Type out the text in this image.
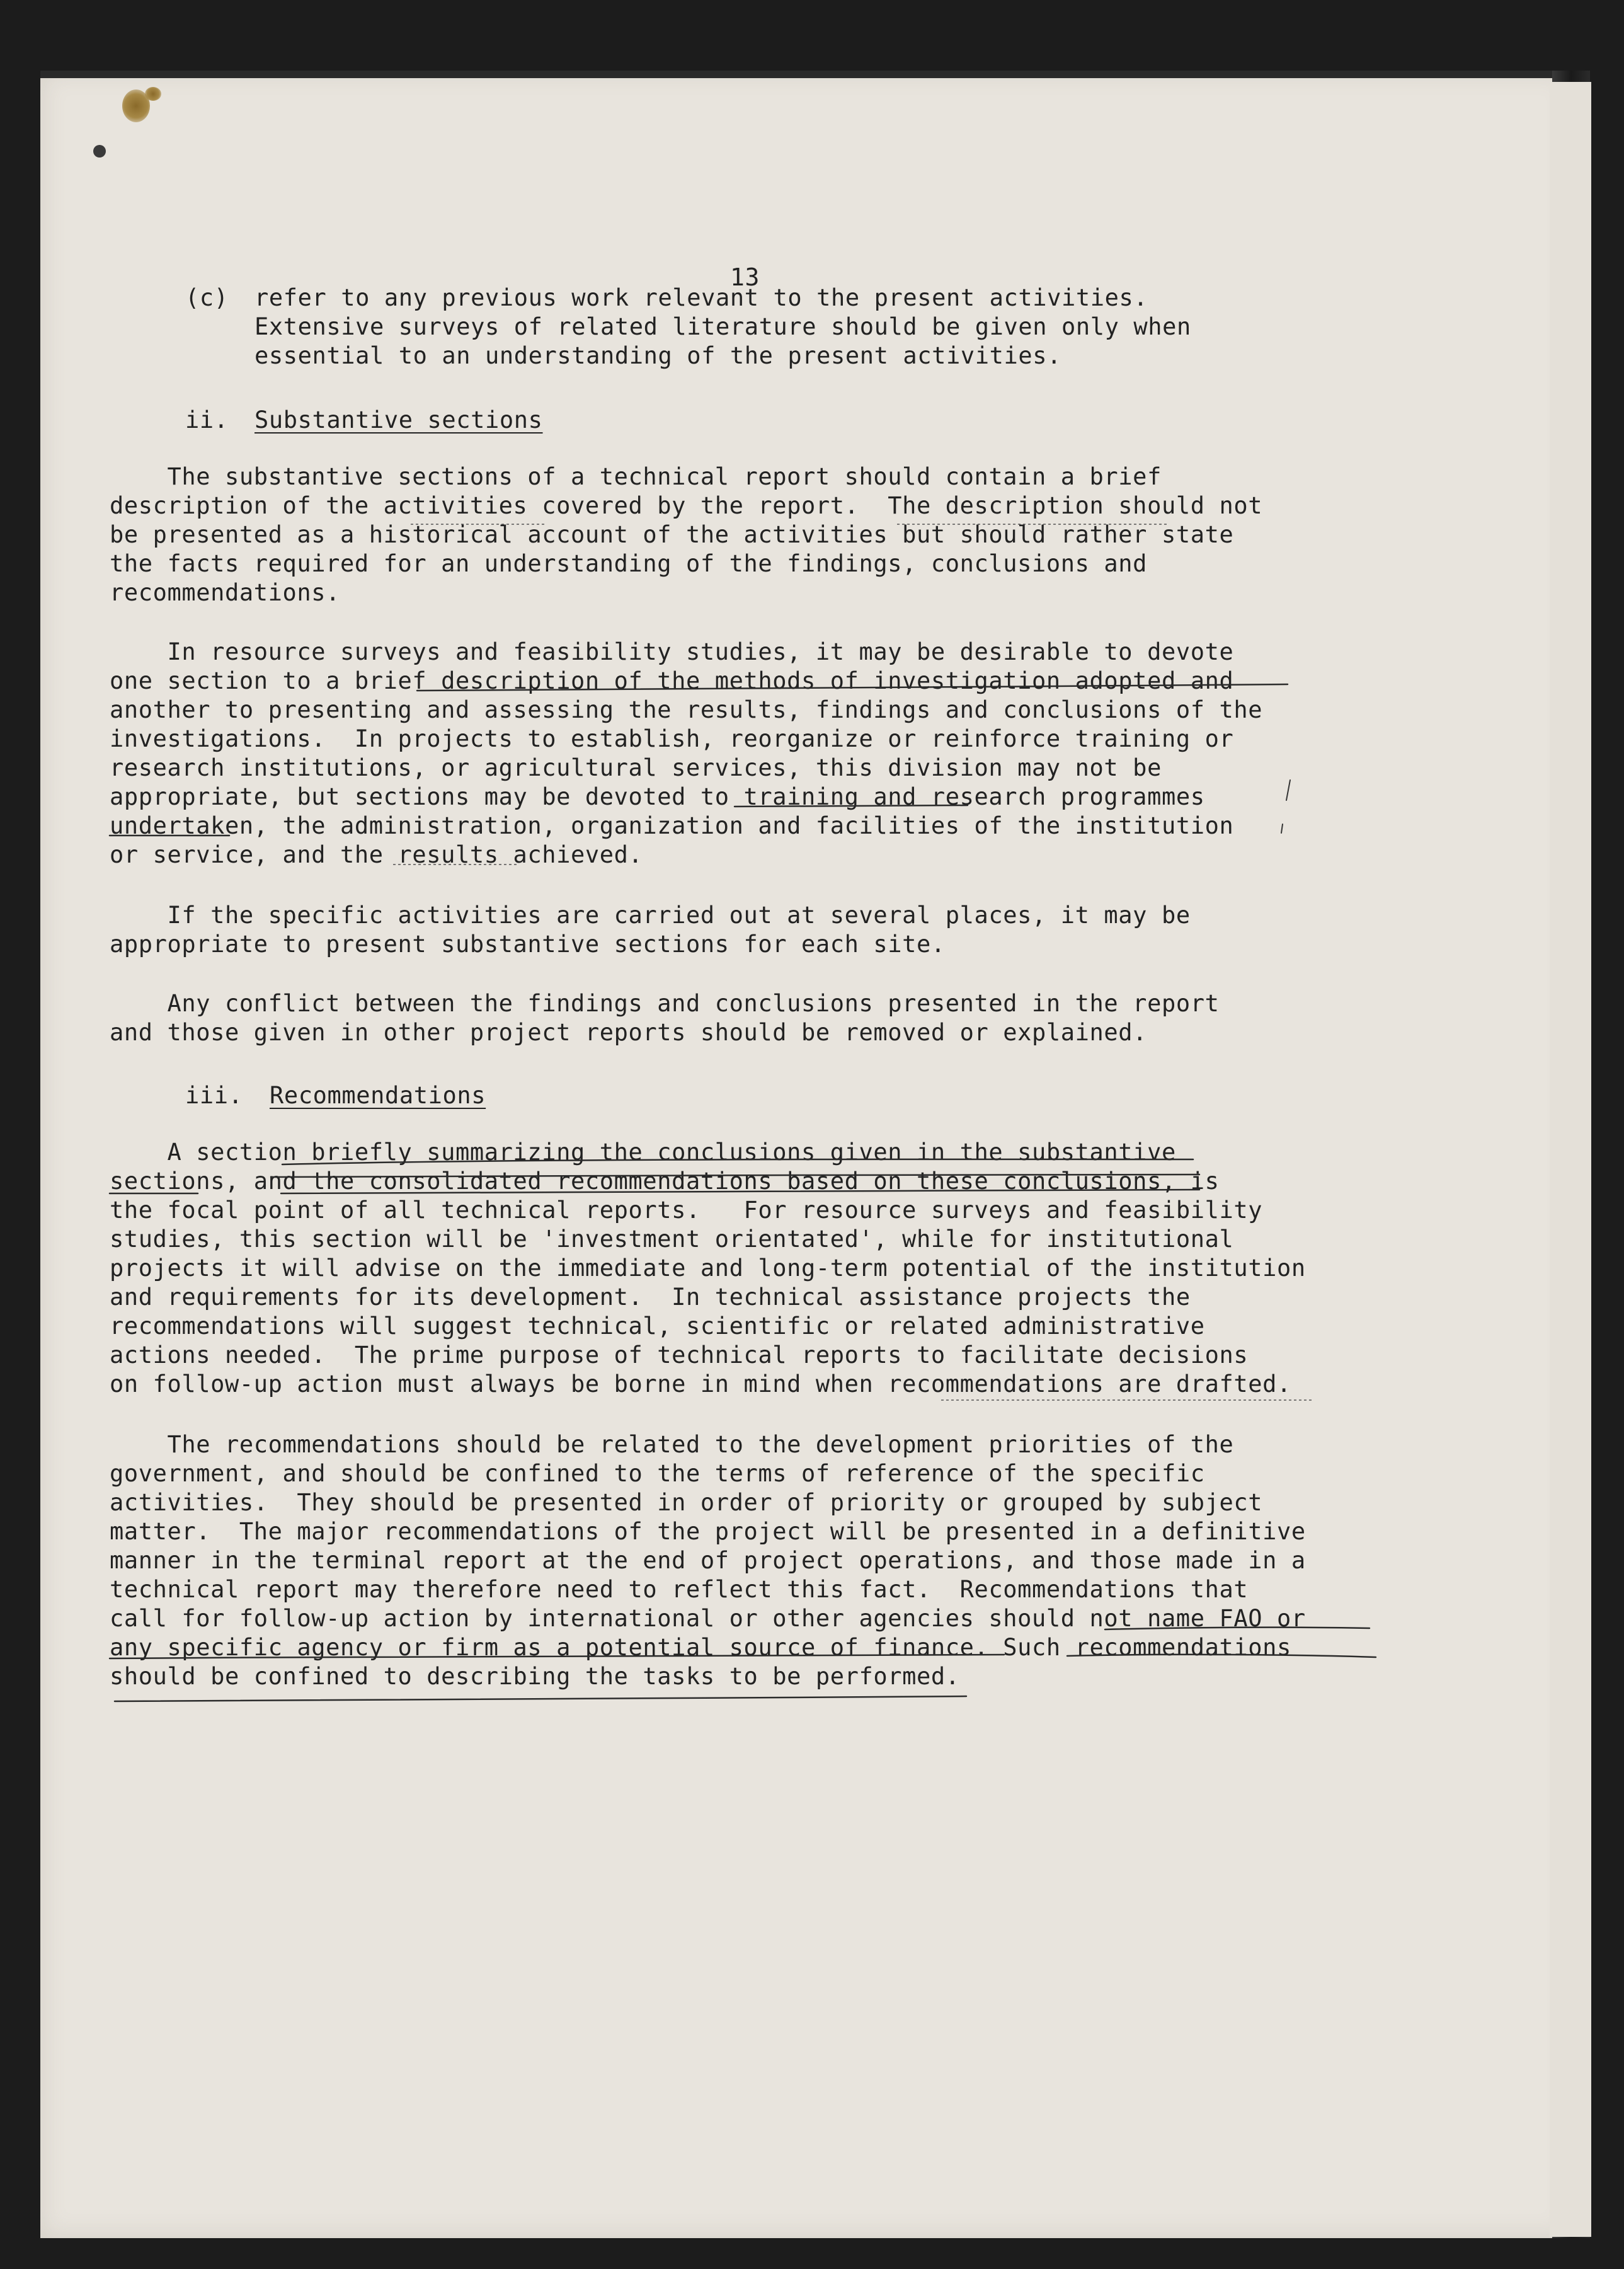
13
(c) refer to any previous work relevant to the present activities.
Extensive surveys of related literature should be given only when
essential to an understanding of the present activities.
ii. Substantive sections
The substantive sections of a technical report should contain a brief
description of the activities covered by the report.  The description should not
be presented as a historical account of the activities but should rather state
the facts required for an understanding of the findings, conclusions and
recommendations.
In resource surveys and feasibility studies, it may be desirable to devote
one section to a brief description of the methods of investigation adopted and
another to presenting and assessing the results, findings and conclusions of the
investigations.  In projects to establish, reorganize or reinforce training or
research institutions, or agricultural services, this division may not be
appropriate, but sections may be devoted to training and research programmes
undertaken, the administration, organization and facilities of the institution
or service, and the results achieved.
If the specific activities are carried out at several places, it may be
appropriate to present substantive sections for each site.
Any conflict between the findings and conclusions presented in the report
and those given in other project reports should be removed or explained.
iii. Recommendations
A section briefly summarizing the conclusions given in the substantive
sections, and the consolidated recommendations based on these conclusions, is
the focal point of all technical reports.   For resource surveys and feasibility
studies, this section will be 'investment orientated', while for institutional
projects it will advise on the immediate and long-term potential of the institution
and requirements for its development.  In technical assistance projects the
recommendations will suggest technical, scientific or related administrative
actions needed.  The prime purpose of technical reports to facilitate decisions
on follow-up action must always be borne in mind when recommendations are drafted.
The recommendations should be related to the development priorities of the
government, and should be confined to the terms of reference of the specific
activities.  They should be presented in order of priority or grouped by subject
matter.  The major recommendations of the project will be presented in a definitive
manner in the terminal report at the end of project operations, and those made in a
technical report may therefore need to reflect this fact.  Recommendations that
call for follow-up action by international or other agencies should not name FAO or
any specific agency or firm as a potential source of finance. Such recommendations
should be confined to describing the tasks to be performed.
